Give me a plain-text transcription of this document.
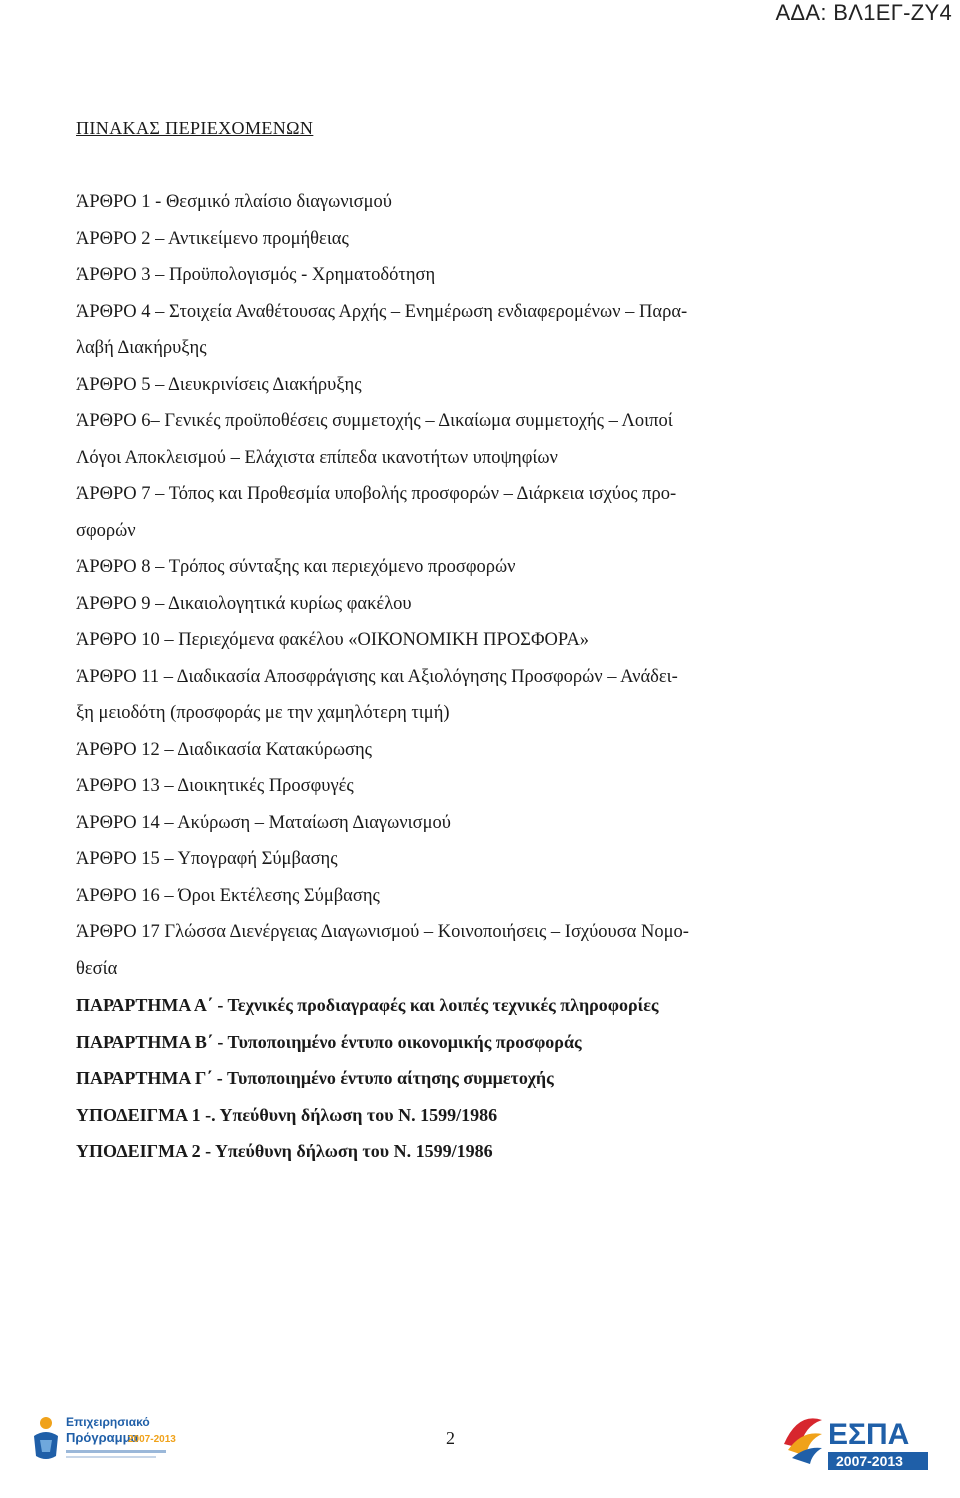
ΑΔΑ: ΒΛ1ΕΓ-ΖΥ4
ΠΙΝΑΚΑΣ ΠΕΡΙΕΧΟΜΕΝΩΝ
ΆΡΘΡΟ 1 - Θεσμικό πλαίσιο διαγωνισμού
ΆΡΘΡΟ 2 – Αντικείμενο προμήθειας
ΆΡΘΡΟ 3 – Προϋπολογισμός - Χρηματοδότηση
ΆΡΘΡΟ 4 – Στοιχεία Αναθέτουσας Αρχής – Ενημέρωση ενδιαφερομένων – Παρα-
λαβή Διακήρυξης
ΆΡΘΡΟ 5 – Διευκρινίσεις Διακήρυξης
ΆΡΘΡΟ 6– Γενικές προϋποθέσεις συμμετοχής – Δικαίωμα συμμετοχής – Λοιποί
Λόγοι Αποκλεισμού – Ελάχιστα επίπεδα ικανοτήτων υποψηφίων
ΆΡΘΡΟ 7 – Τόπος και Προθεσμία υποβολής προσφορών – Διάρκεια ισχύος προ-
σφορών
ΆΡΘΡΟ 8 – Τρόπος σύνταξης και περιεχόμενο προσφορών
ΆΡΘΡΟ 9 – Δικαιολογητικά κυρίως φακέλου
ΆΡΘΡΟ 10 – Περιεχόμενα φακέλου «ΟΙΚΟΝΟΜΙΚΗ ΠΡΟΣΦΟΡΑ»
ΆΡΘΡΟ 11 – Διαδικασία Αποσφράγισης και Αξιολόγησης Προσφορών – Ανάδει-
ξη μειοδότη (προσφοράς με την χαμηλότερη τιμή)
ΆΡΘΡΟ 12 – Διαδικασία Κατακύρωσης
ΆΡΘΡΟ 13 – Διοικητικές Προσφυγές
ΆΡΘΡΟ 14 – Ακύρωση – Ματαίωση Διαγωνισμού
ΆΡΘΡΟ 15 – Υπογραφή Σύμβασης
ΆΡΘΡΟ 16 – Όροι Εκτέλεσης Σύμβασης
ΆΡΘΡΟ 17 Γλώσσα Διενέργειας Διαγωνισμού – Κοινοποιήσεις – Ισχύουσα Νομο-
θεσία
ΠΑΡΑΡΤΗΜΑ Α΄ - Τεχνικές προδιαγραφές και λοιπές τεχνικές πληροφορίες
ΠΑΡΑΡΤΗΜΑ Β΄ - Τυποποιημένο έντυπο οικονομικής προσφοράς
ΠΑΡΑΡΤΗΜΑ Γ΄ - Τυποποιημένο έντυπο αίτησης συμμετοχής
ΥΠΟΔΕΙΓΜΑ 1 -. Υπεύθυνη δήλωση του Ν. 1599/1986
ΥΠΟΔΕΙΓΜΑ 2 - Υπεύθυνη δήλωση του Ν. 1599/1986
Επιχειρησιακό
Πρόγραμμα
2007-2013	2	ΕΣΠΑ
2007-2013
